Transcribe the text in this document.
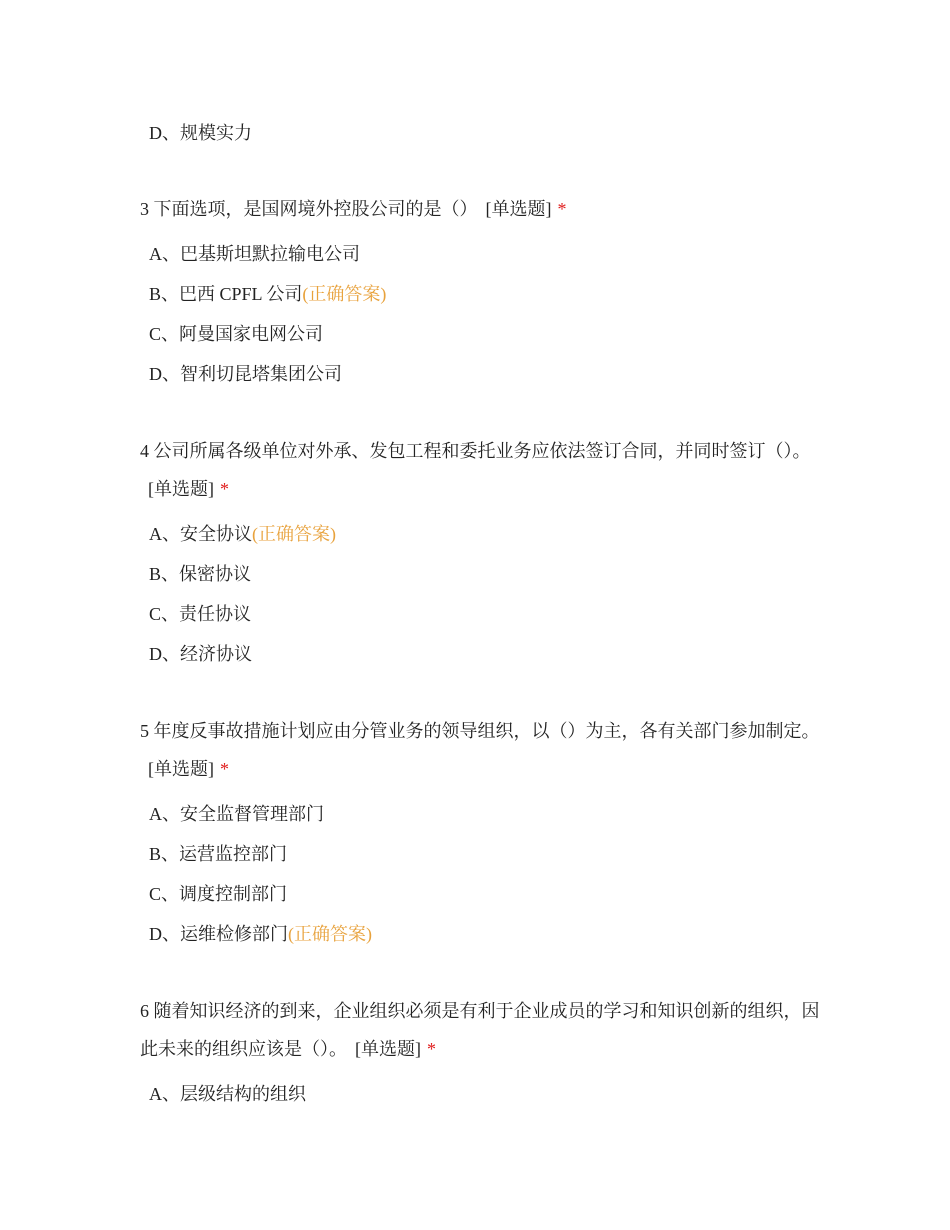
D、规模实力
3 下面选项，是国网境外控股公司的是（） [单选题] *
A、巴基斯坦默拉输电公司
B、巴西 CPFL 公司(正确答案)
C、阿曼国家电网公司
D、智利切昆塔集团公司
4 公司所属各级单位对外承、发包工程和委托业务应依法签订合同，并同时签订（）。[单选题] *
A、安全协议(正确答案)
B、保密协议
C、责任协议
D、经济协议
5 年度反事故措施计划应由分管业务的领导组织，以（）为主，各有关部门参加制定。[单选题] *
A、安全监督管理部门
B、运营监控部门
C、调度控制部门
D、运维检修部门(正确答案)
6 随着知识经济的到来，企业组织必须是有利于企业成员的学习和知识创新的组织，因此未来的组织应该是（）。 [单选题] *
A、层级结构的组织
